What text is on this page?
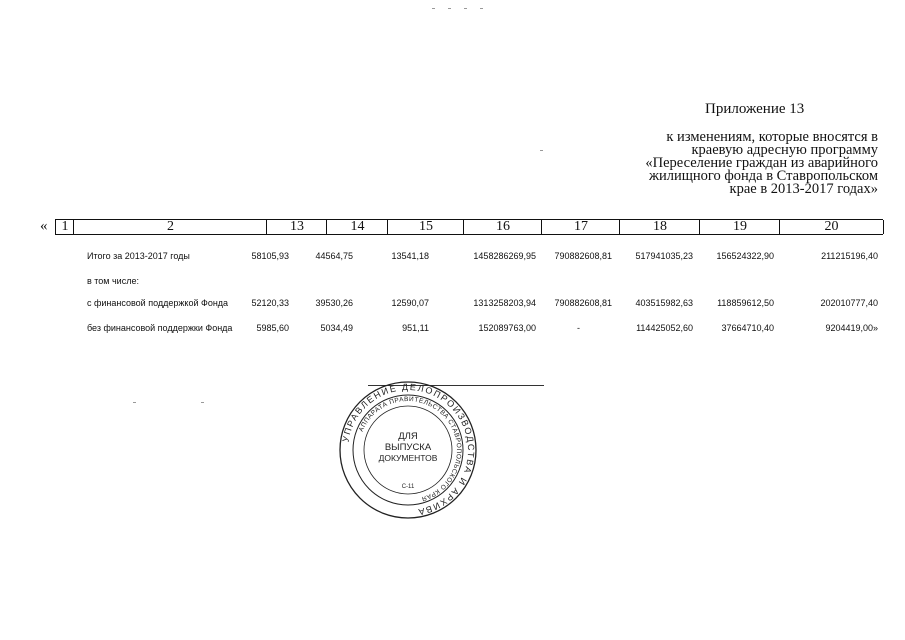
Приложение 13
к изменениям, которые вносятся в
краевую адресную программу
«Переселение граждан из аварийного
жилищного фонда в Ставропольском
крае в 2013-2017 годах»
«	1	2	13	14	15	16	17	18	19	20
Итого за 2013-2017 годы	58105,93	44564,75	13541,18	1458286269,95 790882608,81	517941035,23	156524322,90	211215196,40
в том числе:
с финансовой поддержкой Фонда	52120,33	39530,26	12590,07	1313258203,94 790882608,81	403515982,63	118859612,50	202010777,40
без финансовой поддержки Фонда	5985,60	5034,49	951,11	152089763,00	-	114425052,60	37664710,40	9204419,00»
УПРАВЛЕНИЕ ДЕЛОПРОИЗВОДСТВА И АРХИВА
АППАРАТА ПРАВИТЕЛЬСТВА СТАВРОПОЛЬСКОГО КРАЯ
ДЛЯ
ВЫПУСКА
ДОКУМЕНТОВ
С-11
